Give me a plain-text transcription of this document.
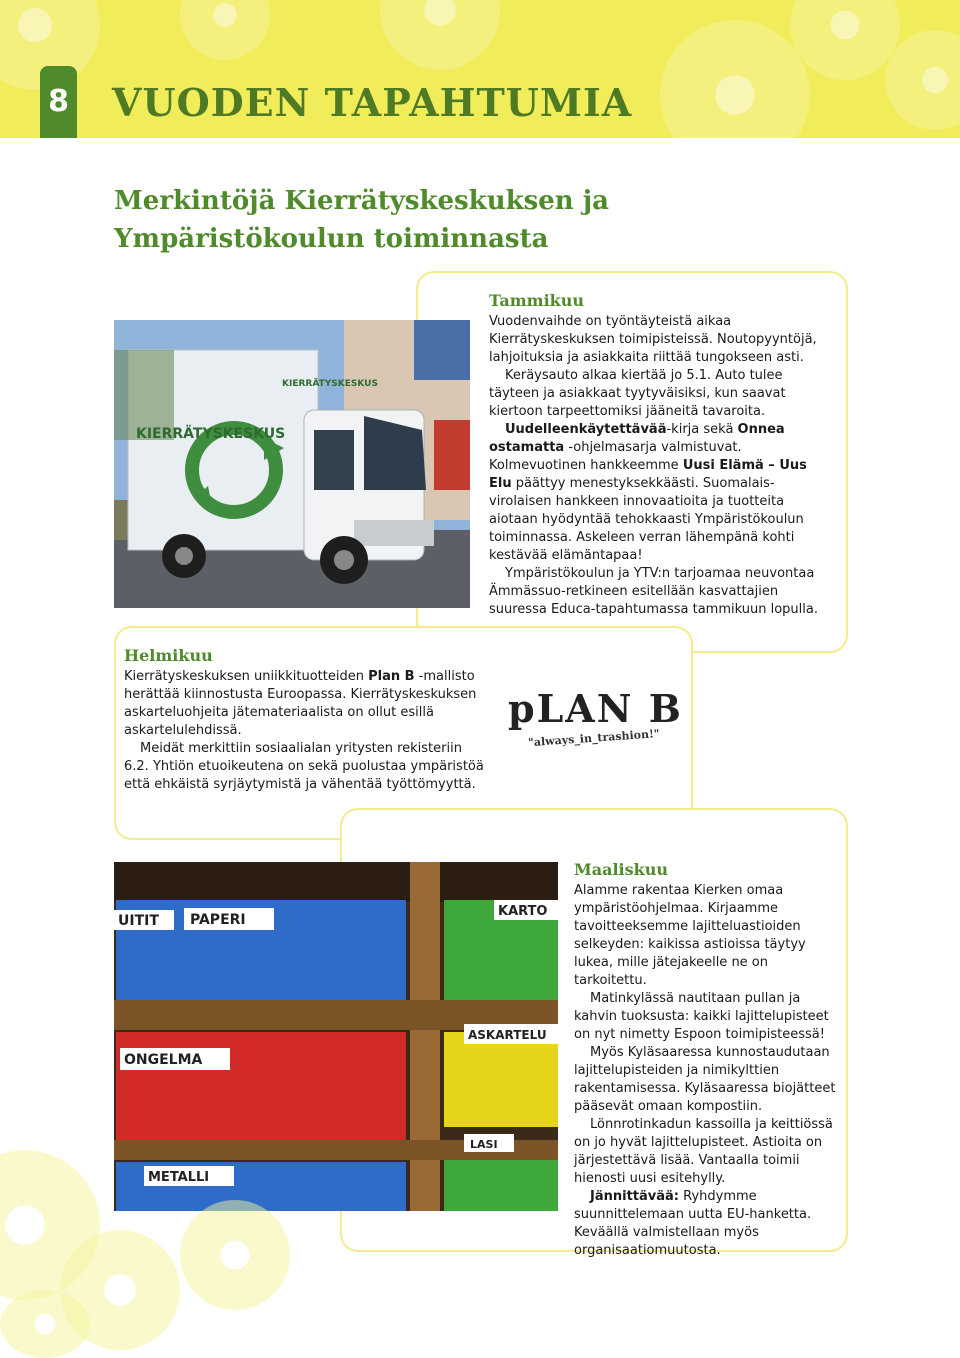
8 VUODEN TAPAHTUMIA
Merkintöjä Kierrätyskeskuksen ja
Ympäristökoulun toiminnasta
KIERRÄTYSKESKUS
KIERRÄTYSKESKUS
Tammikuu

Vuodenvaihde on työntäyteistä aikaa Kierrätyskeskuksen toimipisteissä. Noutopyyntöjä, lahjoituksia ja asiakkaita riittää tungokseen asti.

Keräysauto alkaa kiertää jo 5.1. Auto tulee täyteen ja asiakkaat tyytyväisiksi, kun saavat kiertoon tarpeettomiksi jääneitä tavaroita.

Uudelleenkäytettävää-kirja sekä Onnea ostamatta -ohjelmasarja valmistuvat. Kolmevuotinen hankkeemme Uusi Elämä – Uus Elu päättyy menestyksekkäästi. Suomalais-virolaisen hankkeen innovaatioita ja tuotteita aiotaan hyödyntää tehokkaasti Ympäristökoulun toiminnassa. Askeleen verran lähempänä kohti kestävää elämäntapaa!

Ympäristökoulun ja YTV:n tarjoamaa neuvontaa Ämmässuo-retkineen esitellään kasvattajien suuressa Educa-tapahtumassa tammikuun lopulla.

Helmikuu

Kierrätyskeskuksen uniikkituotteiden Plan B -mallisto herättää kiinnostusta Euroopassa. Kierrätyskeskuksen askarteluohjeita jätemateriaalista on ollut esillä askartelulehdissä.

Meidät merkittiin sosiaalialan yritysten rekisteriin 6.2. Yhtiön etuoikeutena on sekä puolustaa ympäristöä että ehkäistä syrjäytymistä ja vähentää työttömyyttä.

pLAN B
"always_in_trashion!"
UITIT PAPERI
KARTO
ONGELMA
ASKARTELU
LASI
METALLI
Maaliskuu

Alamme rakentaa Kierken omaa ympäristöohjelmaa. Kirjaamme tavoitteeksemme lajitteluastioiden selkeyden: kaikissa astioissa täytyy lukea, mille jätejakeelle ne on tarkoitettu.

Matinkylässä nautitaan pullan ja kahvin tuoksusta: kaikki lajittelupisteet on nyt nimetty Espoon toimipisteessä!

Myös Kyläsaaressa kunnostaudutaan lajittelupisteiden ja nimikylttien rakentamisessa. Kyläsaaressa biojätteet pääsevät omaan kompostiin.

Lönnrotinkadun kassoilla ja keittiössä on jo hyvät lajittelupisteet. Astioita on järjestettävä lisää. Vantaalla toimii hienosti uusi esitehylly.

Jännittävää: Ryhdymme suunnittelemaan uutta EU-hanketta. Keväällä valmistellaan myös organisaatiomuutosta.
